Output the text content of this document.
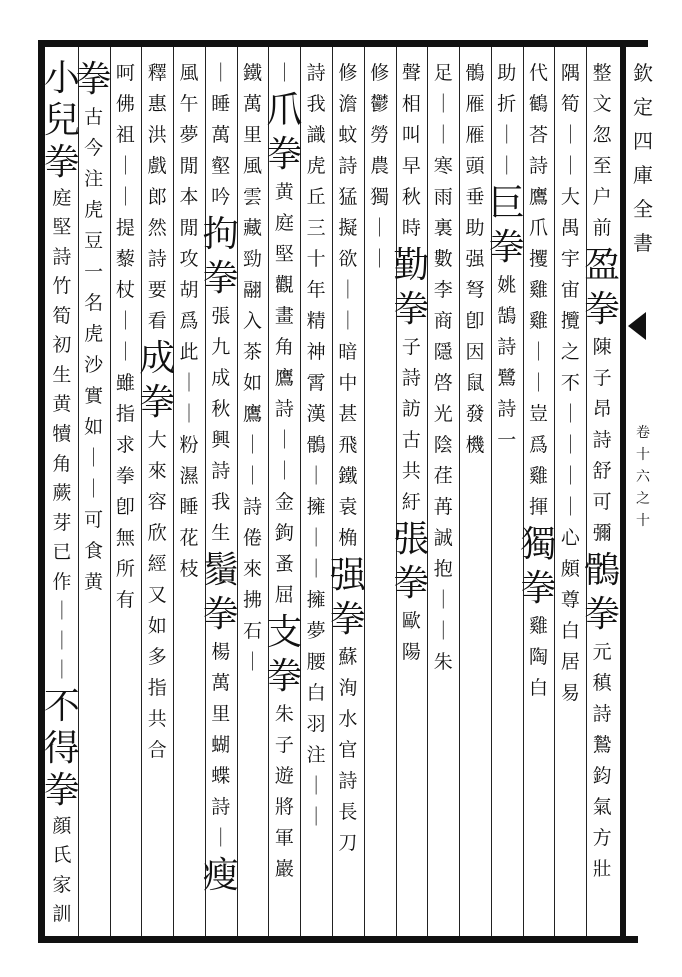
整
文
忽
至
户
前
盈
拳
陳
子
昂
詩
舒
可
彌
鶻
拳
元
稹
詩
鷙
鈞
氣
方
壯
隅
筍
｜
｜
大
禺
宇
宙
攬
之
不
｜
｜
｜
｜
心
頗
尊
白
居
易
代
鶴
荅
詩
鷹
爪
攫
雞
雞
｜
｜
豈
爲
雞
揮
獨
拳
雞
陶
白
助
折
｜
｜
巨
拳
姚
鵠
詩
鷺
詩
一
鶻
雁
雁
頭
垂
助
强
弩
卽
因
鼠
發
機
足
｜
｜
寒
雨
裏
數
李
商
隱
啓
光
陰
荏
苒
誠
抱
｜
｜
朱
聲
相
叫
早
秋
時
勤
拳
子
詩
訪
古
共
紆
張
拳
歐
陽
修
鬱
勞
農
獨
｜
｜
修
澹
蚊
詩
猛
擬
欲
｜
｜
暗
中
甚
飛
鐵
袁
桷
强
拳
蘇
洵
水
官
詩
長
刀
詩
我
識
虎
丘
三
十
年
精
神
霄
漢
鶻
｜
擁
｜
｜
擁
夢
腰
白
羽
注
｜
｜
｜
爪
拳
黄
庭
堅
觀
畫
角
鷹
詩
｜
｜
金
鉤
蚤
屈
支
拳
朱
子
遊
將
軍
巖
鐵
萬
里
風
雲
藏
勁
翮
入
茶
如
鷹
｜
｜
詩
倦
來
拂
石
｜
｜
睡
萬
壑
吟
拘
拳
張
九
成
秋
興
詩
我
生
鬚
拳
楊
萬
里
蝴
蝶
詩
｜
瘦
風
午
夢
閒
本
閒
攻
胡
爲
此
｜
｜
粉
濕
睡
花
枝
釋
惠
洪
戲
郎
然
詩
要
看
成
拳
大
來
容
欣
經
又
如
多
指
共
合
呵
佛
祖
｜
｜
提
藜
杖
｜
｜
雖
指
求
拳
卽
無
所
有
拳
古
今
注
虎
豆
一
名
虎
沙
實
如
｜
｜
可
食
黄
小
兒
拳
庭
堅
詩
竹
筍
初
生
黄
犢
角
蕨
芽
已
作
｜
｜
｜
不
得
拳
顔
氏
家
訓
欽
定
四
庫
全
書
卷
十
六
之
十
